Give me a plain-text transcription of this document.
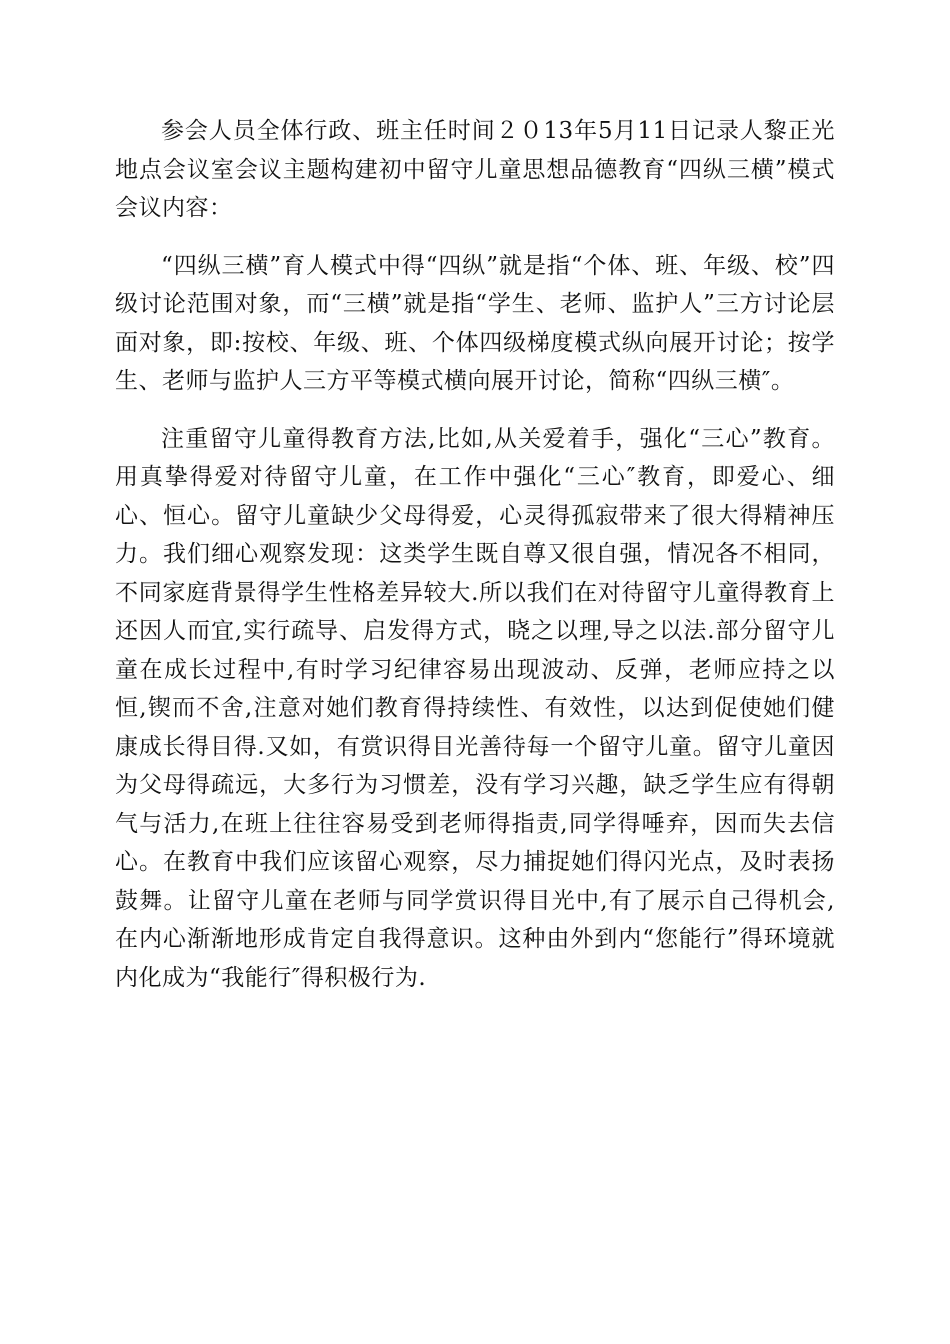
参会人员全体行政、班主任时间２０13年5月11日记录人黎正光地点会议室会议主题构建初中留守儿童思想品德教育“四纵三横”模式会议内容：

“四纵三横”育人模式中得“四纵”就是指“个体、班、年级、校”四级讨论范围对象，而“三横”就是指“学生、老师、监护人”三方讨论层面对象，即:按校、年级、班、个体四级梯度模式纵向展开讨论；按学生、老师与监护人三方平等模式横向展开讨论，简称“四纵三横″。

注重留守儿童得教育方法,比如,从关爱着手，强化“三心”教育。用真挚得爱对待留守儿童，在工作中强化“三心″教育，即爱心、细心、恒心。留守儿童缺少父母得爱，心灵得孤寂带来了很大得精神压力。我们细心观察发现：这类学生既自尊又很自强，情况各不相同，不同家庭背景得学生性格差异较大.所以我们在对待留守儿童得教育上还因人而宜,实行疏导、启发得方式，晓之以理,导之以法.部分留守儿童在成长过程中,有时学习纪律容易出现波动、反弹，老师应持之以恒,锲而不舍,注意对她们教育得持续性、有效性，以达到促使她们健康成长得目得.又如，有赏识得目光善待每一个留守儿童。留守儿童因为父母得疏远，大多行为习惯差，没有学习兴趣，缺乏学生应有得朝气与活力,在班上往往容易受到老师得指责,同学得唾弃，因而失去信心。在教育中我们应该留心观察，尽力捕捉她们得闪光点，及时表扬鼓舞。让留守儿童在老师与同学赏识得目光中,有了展示自己得机会,在内心渐渐地形成肯定自我得意识。这种由外到内“您能行”得环境就内化成为“我能行″得积极行为.
